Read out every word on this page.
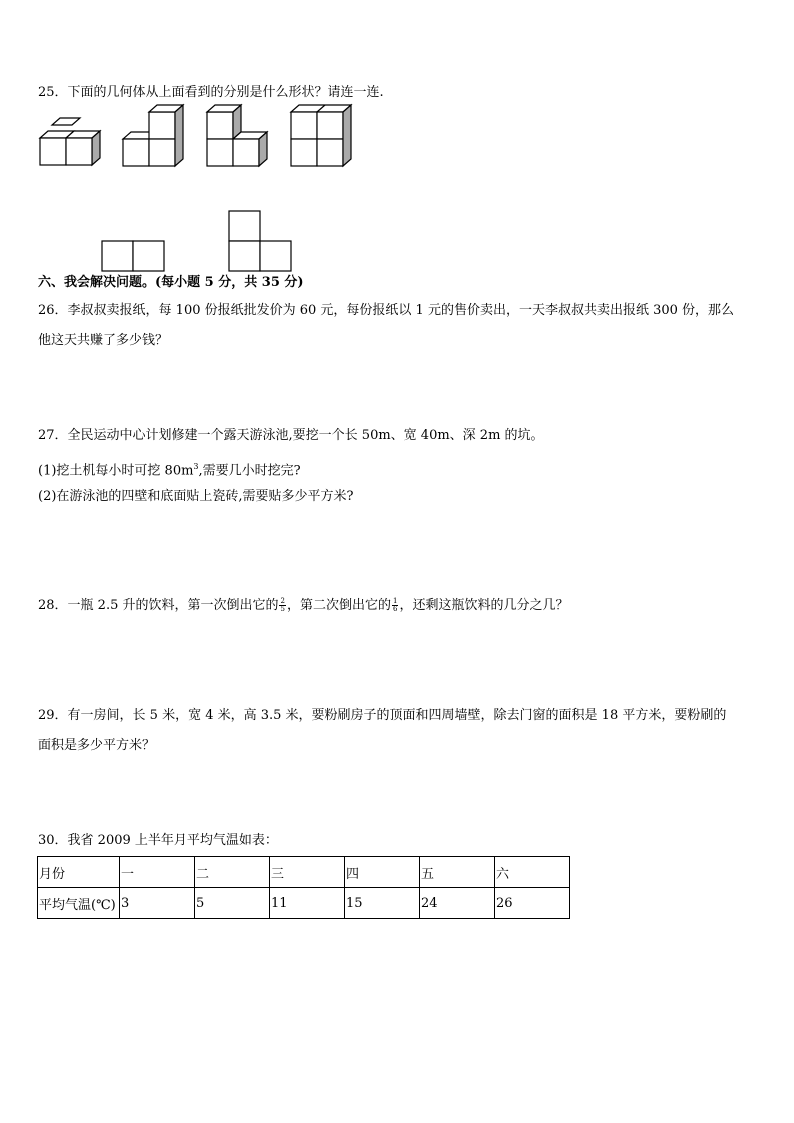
25．下面的几何体从上面看到的分别是什么形状？请连一连.
六、我会解决问题。(每小题 5 分，共 35 分)
26．李叔叔卖报纸，每 100 份报纸批发价为 60 元，每份报纸以 1 元的售价卖出，一天李叔叔共卖出报纸 300 份，那么
他这天共赚了多少钱？
27．全民运动中心计划修建一个露天游泳池,要挖一个长 50m、宽 40m、深 2m 的坑。
(1)挖土机每小时可挖 $80m^3$,需要几小时挖完?
(2)在游泳池的四壁和底面贴上瓷砖,需要贴多少平方米?
28．一瓶 2.5 升的饮料，第一次倒出它的 $\frac{2}{5}$ ，第二次倒出它的 $\frac{1}{6}$ ，还剩这瓶饮料的几分之几？
29．有一房间，长 5 米，宽 4 米，高 3.5 米，要粉刷房子的顶面和四周墙壁，除去门窗的面积是 18 平方米，要粉刷的
面积是多少平方米？
30．我省 2009 上半年月平均气温如表：
月份	一	二	三	四	五	六
平均气温(℃)	3	5	11	15	24	26
